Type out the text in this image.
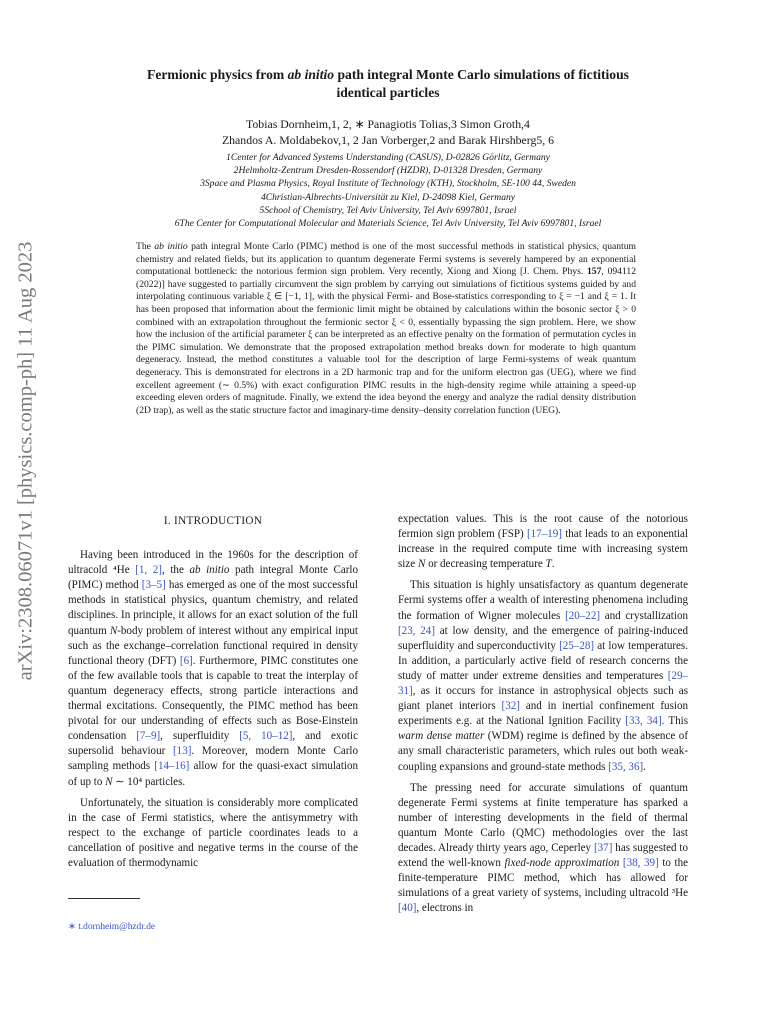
arXiv:2308.06071v1 [physics.comp-ph] 11 Aug 2023
Fermionic physics from ab initio path integral Monte Carlo simulations of fictitious
identical particles
Tobias Dornheim,1, 2, ∗ Panagiotis Tolias,3 Simon Groth,4
Zhandos A. Moldabekov,1, 2 Jan Vorberger,2 and Barak Hirshberg5, 6
1Center for Advanced Systems Understanding (CASUS), D-02826 Görlitz, Germany
2Helmholtz-Zentrum Dresden-Rossendorf (HZDR), D-01328 Dresden, Germany
3Space and Plasma Physics, Royal Institute of Technology (KTH), Stockholm, SE-100 44, Sweden
4Christian-Albrechts-Universität zu Kiel, D-24098 Kiel, Germany
5School of Chemistry, Tel Aviv University, Tel Aviv 6997801, Israel
6The Center for Computational Molecular and Materials Science, Tel Aviv University, Tel Aviv 6997801, Israel
The ab initio path integral Monte Carlo (PIMC) method is one of the most successful methods in statistical physics, quantum chemistry and related fields, but its application to quantum degenerate Fermi systems is severely hampered by an exponential computational bottleneck: the notorious fermion sign problem. Very recently, Xiong and Xiong [J. Chem. Phys. 157, 094112 (2022)] have suggested to partially circumvent the sign problem by carrying out simulations of fictitious systems guided by and interpolating continuous variable ξ ∈ [−1, 1], with the physical Fermi- and Bose-statistics corresponding to ξ = −1 and ξ = 1. It has been proposed that information about the fermionic limit might be obtained by calculations within the bosonic sector ξ > 0 combined with an extrapolation throughout the fermionic sector ξ < 0, essentially bypassing the sign problem. Here, we show how the inclusion of the artificial parameter ξ can be interpreted as an effective penalty on the formation of permutation cycles in the PIMC simulation. We demonstrate that the proposed extrapolation method breaks down for moderate to high quantum degeneracy. Instead, the method constitutes a valuable tool for the description of large Fermi-systems of weak quantum degeneracy. This is demonstrated for electrons in a 2D harmonic trap and for the uniform electron gas (UEG), where we find excellent agreement (∼ 0.5%) with exact configuration PIMC results in the high-density regime while attaining a speed-up exceeding eleven orders of magnitude. Finally, we extend the idea beyond the energy and analyze the radial density distribution (2D trap), as well as the static structure factor and imaginary-time density–density correlation function (UEG).
I. INTRODUCTION

Having been introduced in the 1960s for the description of ultracold ⁴He [1, 2], the ab initio path integral Monte Carlo (PIMC) method [3–5] has emerged as one of the most successful methods in statistical physics, quantum chemistry, and related disciplines. In principle, it allows for an exact solution of the full quantum N-body problem of interest without any empirical input such as the exchange–correlation functional required in density functional theory (DFT) [6]. Furthermore, PIMC constitutes one of the few available tools that is capable to treat the interplay of quantum degeneracy effects, strong particle interactions and thermal excitations. Consequently, the PIMC method has been pivotal for our understanding of effects such as Bose-Einstein condensation [7–9], superfluidity [5, 10–12], and exotic supersolid behaviour [13]. Moreover, modern Monte Carlo sampling methods [14–16] allow for the quasi-exact simulation of up to N ∼ 10⁴ particles.

Unfortunately, the situation is considerably more complicated in the case of Fermi statistics, where the antisymmetry with respect to the exchange of particle coordinates leads to a cancellation of positive and negative terms in the course of the evaluation of thermodynamic

expectation values. This is the root cause of the notorious fermion sign problem (FSP) [17–19] that leads to an exponential increase in the required compute time with increasing system size N or decreasing temperature T.

This situation is highly unsatisfactory as quantum degenerate Fermi systems offer a wealth of interesting phenomena including the formation of Wigner molecules [20–22] and crystallization [23, 24] at low density, and the emergence of pairing-induced superfluidity and superconductivity [25–28] at low temperatures. In addition, a particularly active field of research concerns the study of matter under extreme densities and temperatures [29–31], as it occurs for instance in astrophysical objects such as giant planet interiors [32] and in inertial confinement fusion experiments e.g. at the National Ignition Facility [33, 34]. This warm dense matter (WDM) regime is defined by the absence of any small characteristic parameters, which rules out both weak-coupling expansions and ground-state methods [35, 36].

The pressing need for accurate simulations of quantum degenerate Fermi systems at finite temperature has sparked a number of interesting developments in the field of thermal quantum Monte Carlo (QMC) methodologies over the last decades. Already thirty years ago, Ceperley [37] has suggested to extend the well-known fixed-node approximation [38, 39] to the finite-temperature PIMC method, which has allowed for simulations of a great variety of systems, including ultracold ³He [40], electrons in

∗ t.dornheim@hzdr.de
